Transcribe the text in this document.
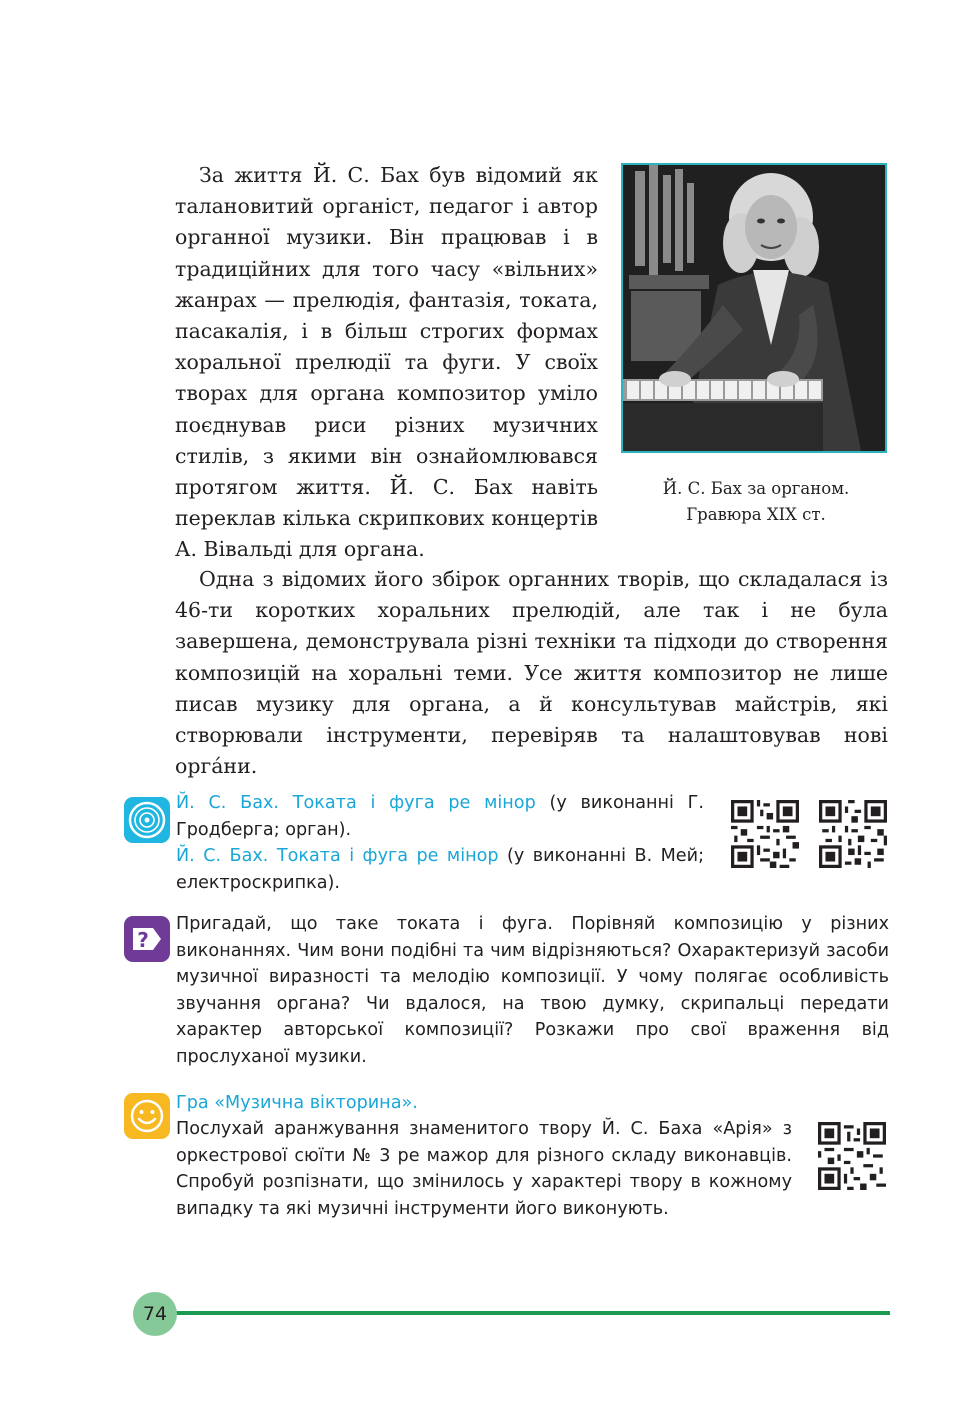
За життя Й. С. Бах був відомий як талановитий органіст, педагог і автор органної музики. Він працював і в традиційних для того часу «вільних» жанрах — прелюдія, фантазія, токата, пасакалія, і в більш строгих формах хоральної прелюдії та фуги. У своїх творах для органа композитор уміло поєднував риси різних музичних стилів, з якими він ознайомлювався протягом життя. Й. С. Бах навіть переклав кілька скрипкових концертів А. Вівальді для органа.
Й. С. Бах за органом.
Гравюра XIX ст.
Одна з відомих його збірок органних творів, що складалася із 46-ти коротких хоральних прелюдій, але так і не була завершена, демонструвала різні техніки та підходи до створення композицій на хоральні теми. Усе життя композитор не лише писав музику для органа, а й консультував майстрів, які створювали інструменти, перевіряв та налаштовував нові орга́ни.
Й. С. Бах. Токата і фуга ре мінор (у виконанні Г. Гродберга; орган).
Й. С. Бах. Токата і фуга ре мінор (у виконанні В. Мей; електроскрипка).
?
Пригадай, що таке токата і фуга. Порівняй композицію у різних виконаннях. Чим вони подібні та чим відрізняються? Охарактеризуй засоби музичної виразності та мелодію композиції. У чому полягає особливість звучання органа? Чи вдалося, на твою думку, скрипальці передати характер авторської композиції? Розкажи про свої враження від прослуханої музики.
Гра «Музична вікторина».
Послухай аранжування знаменитого твору Й. С. Баха «Арія» з оркестрової сюїти № 3 ре мажор для різного складу виконавців. Спробуй розпізнати, що змінилось у характері твору в кожному випадку та які музичні інструменти його виконують.
74
